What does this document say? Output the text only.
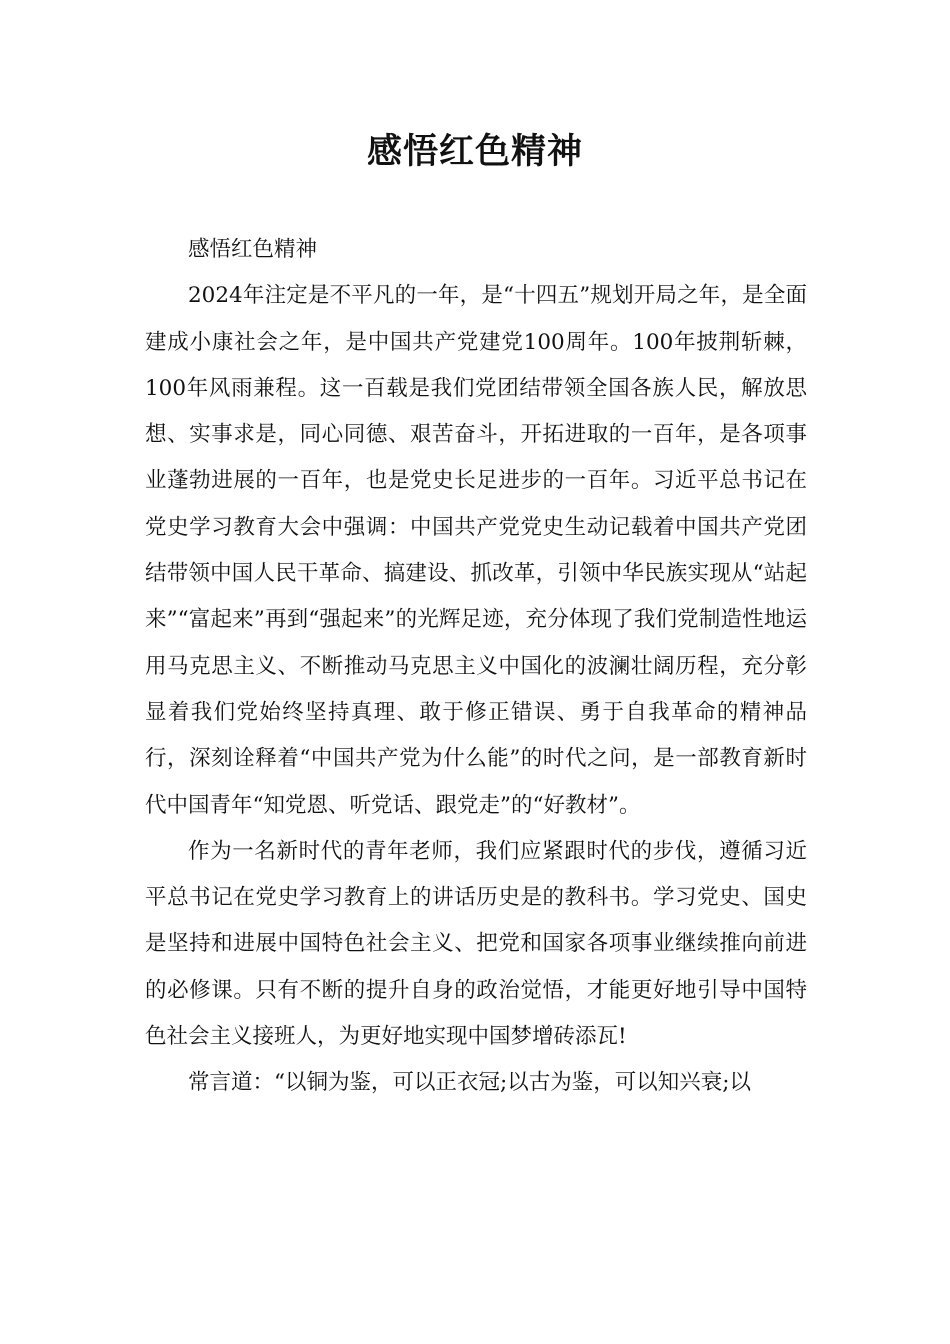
感悟红色精神

感悟红色精神

2024年注定是不平凡的一年，是“十四五”规划开局之年，是全面建成小康社会之年，是中国共产党建党100周年。100年披荆斩棘，100年风雨兼程。这一百载是我们党团结带领全国各族人民，解放思想、实事求是，同心同德、艰苦奋斗，开拓进取的一百年，是各项事业蓬勃进展的一百年，也是党史长足进步的一百年。习近平总书记在党史学习教育大会中强调：中国共产党党史生动记载着中国共产党团结带领中国人民干革命、搞建设、抓改革，引领中华民族实现从“站起来”“富起来”再到“强起来”的光辉足迹，充分体现了我们党制造性地运用马克思主义、不断推动马克思主义中国化的波澜壮阔历程，充分彰显着我们党始终坚持真理、敢于修正错误、勇于自我革命的精神品行，深刻诠释着“中国共产党为什么能”的时代之问，是一部教育新时代中国青年“知党恩、听党话、跟党走”的“好教材”。

作为一名新时代的青年老师，我们应紧跟时代的步伐，遵循习近平总书记在党史学习教育上的讲话历史是的教科书。学习党史、国史是坚持和进展中国特色社会主义、把党和国家各项事业继续推向前进的必修课。只有不断的提升自身的政治觉悟，才能更好地引导中国特色社会主义接班人，为更好地实现中国梦增砖添瓦!

常言道：“以铜为鉴，可以正衣冠;以古为鉴，可以知兴衰;以
